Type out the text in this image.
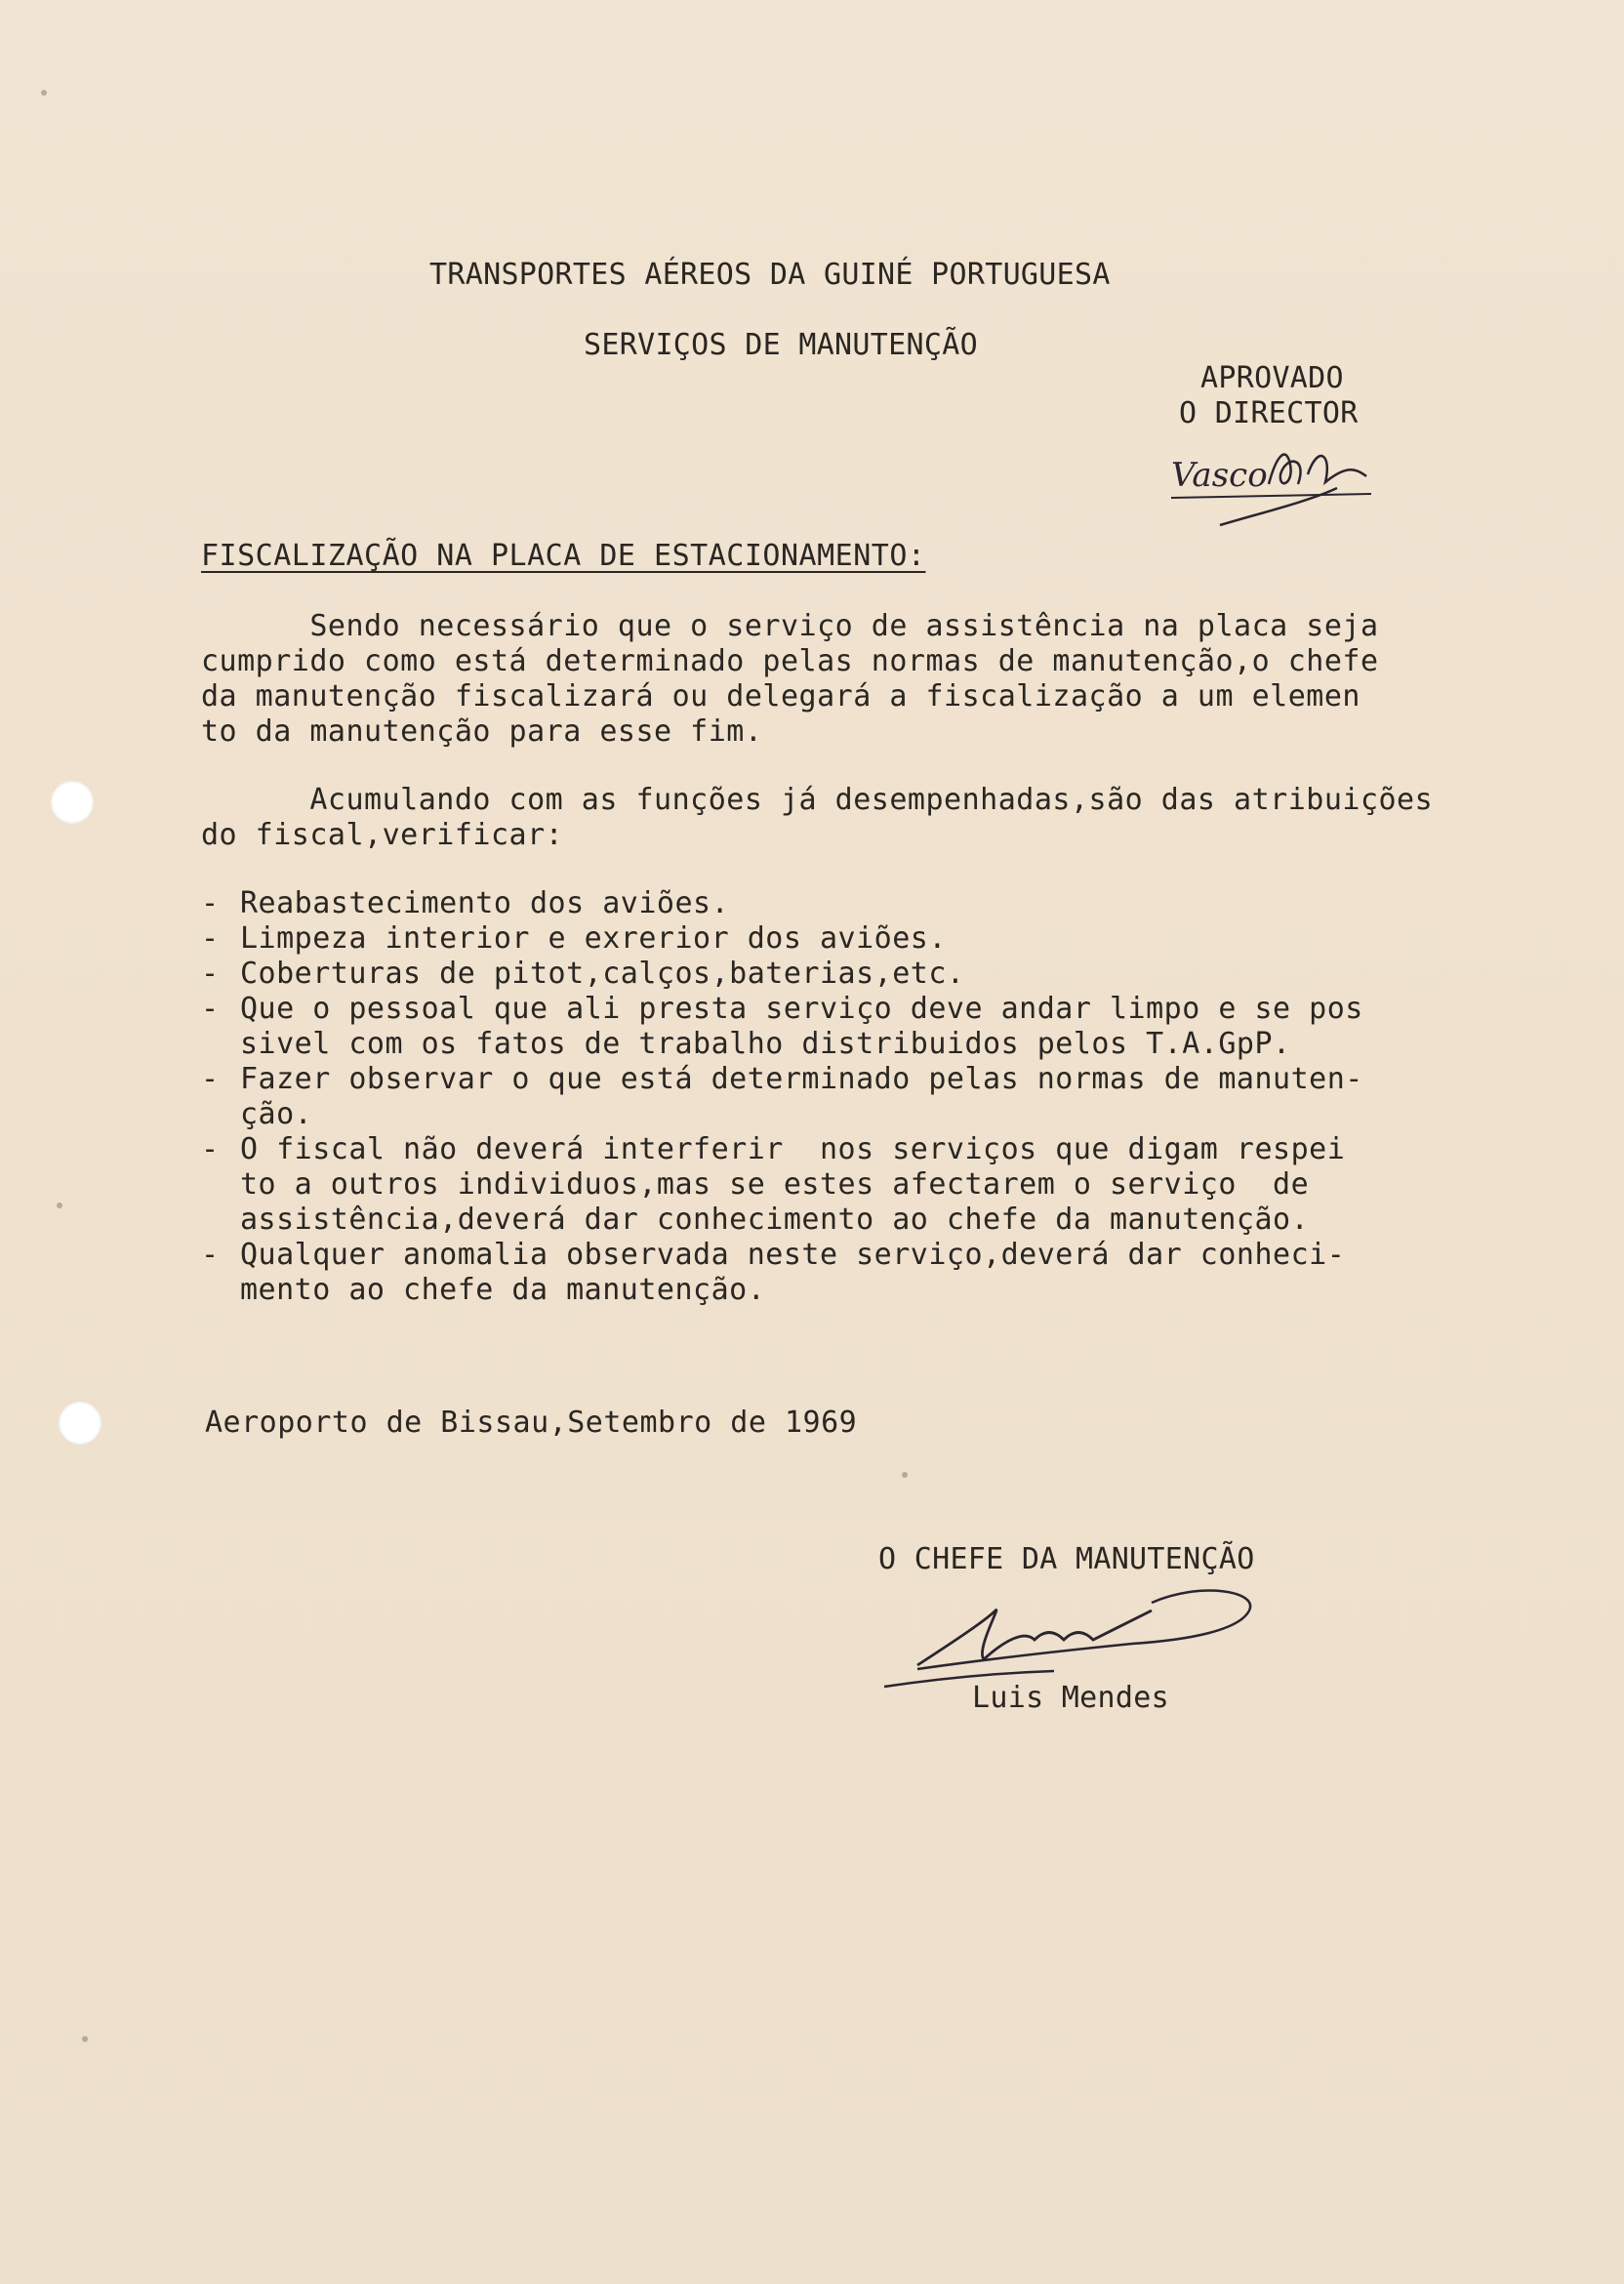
TRANSPORTES AÉREOS DA GUINÉ PORTUGUESA
SERVIÇOS DE MANUTENÇÃO
APROVADO
O DIRECTOR
Vasco
FISCALIZAÇÃO NA PLACA DE ESTACIONAMENTO:
Sendo necessário que o serviço de assistência na placa seja
cumprido como está determinado pelas normas de manutenção,o chefe
da manutenção fiscalizará ou delegará a fiscalização a um elemen
to da manutenção para esse fim.
Acumulando com as funções já desempenhadas,são das atribuições
do fiscal,verificar:
- Reabastecimento dos aviões.
- Limpeza interior e exrerior dos aviões.
- Coberturas de pitot,calços,baterias,etc.
- Que o pessoal que ali presta serviço deve andar limpo e se pos
sivel com os fatos de trabalho distribuidos pelos T.A.GpP.
- Fazer observar o que está determinado pelas normas de manuten-
ção.
- O fiscal não deverá interferir  nos serviços que digam respei
to a outros individuos,mas se estes afectarem o serviço  de
assistência,deverá dar conhecimento ao chefe da manutenção.
- Qualquer anomalia observada neste serviço,deverá dar conheci-
mento ao chefe da manutenção.
Aeroporto de Bissau,Setembro de 1969
O CHEFE DA MANUTENÇÃO
Luis Mendes
